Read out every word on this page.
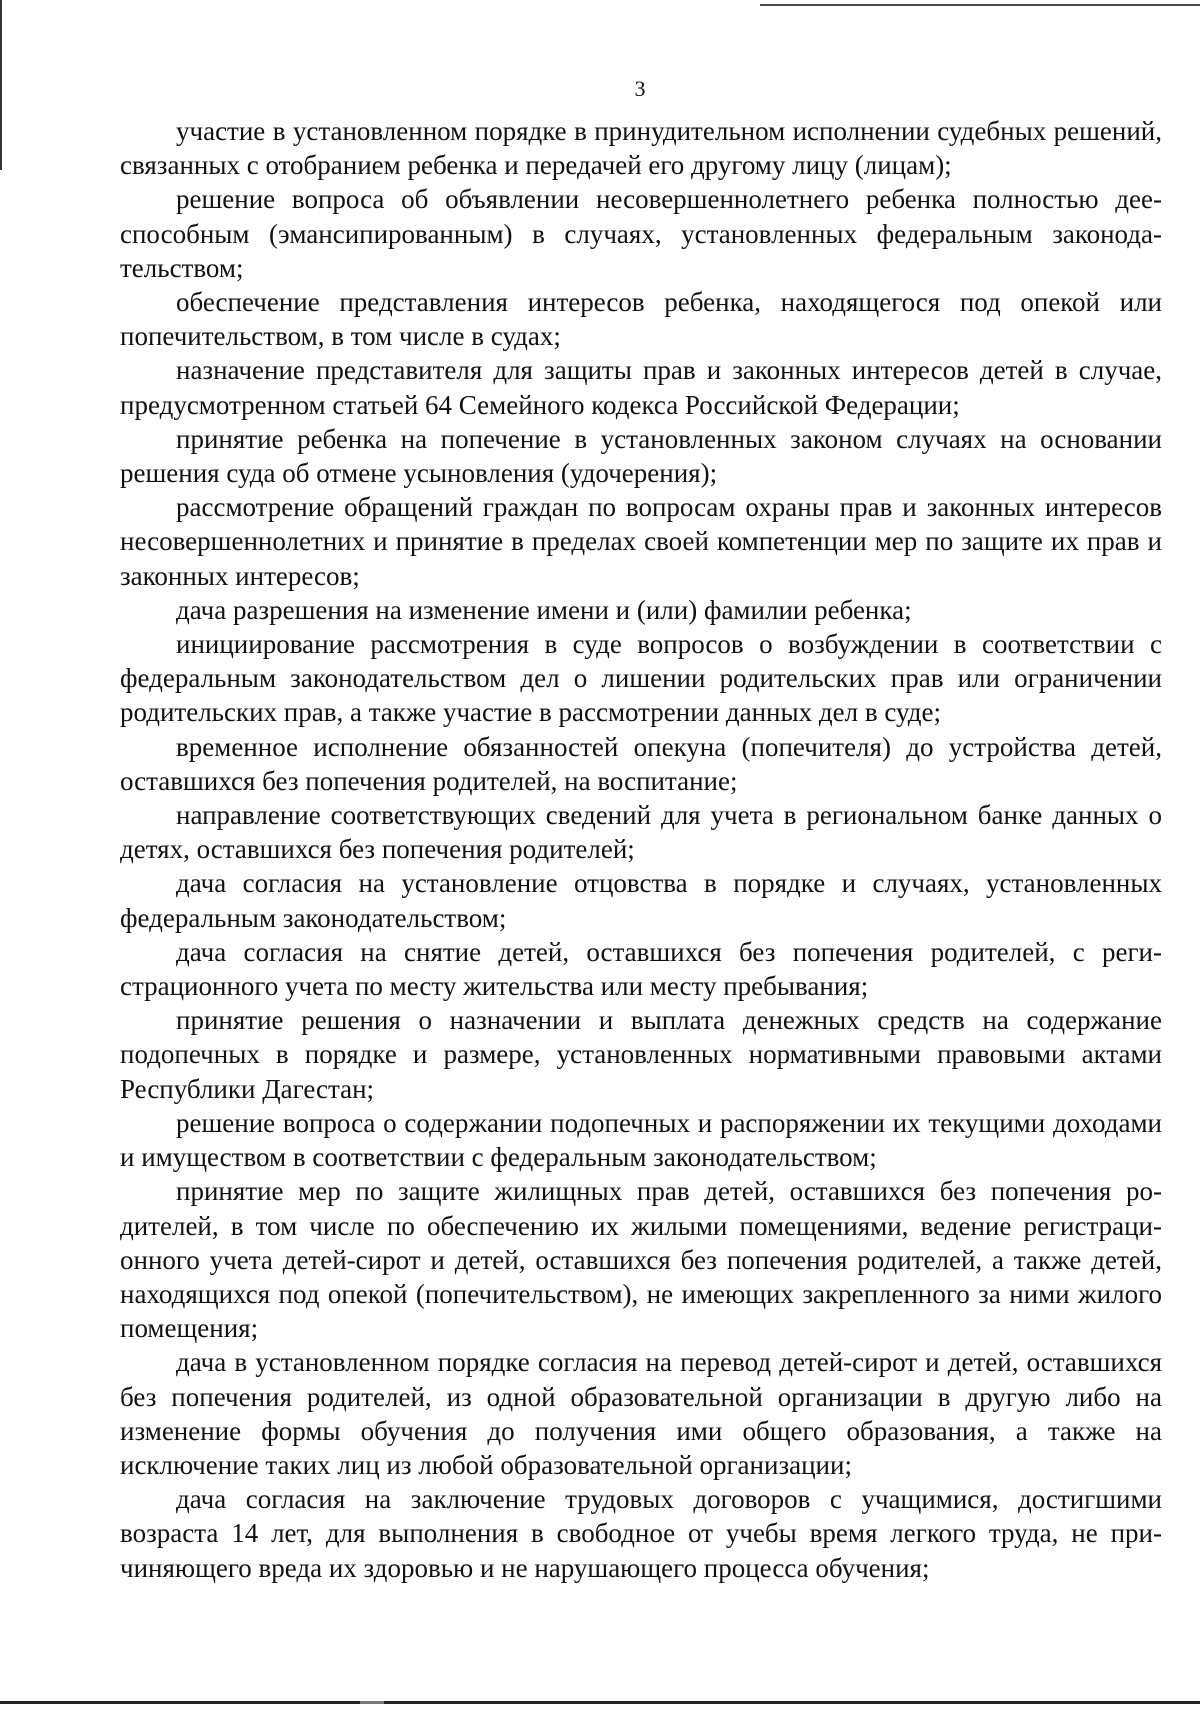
3

участие в установленном порядке в принудительном исполнении судебных решений, связанных с отобранием ребенка и передачей его другому лицу (лицам);

решение вопроса об объявлении несовершеннолетнего ребенка полностью дееспособным (эмансипированным) в случаях, установленных федеральным законодательством;

обеспечение представления интересов ребенка, находящегося под опекой или попечительством, в том числе в судах;

назначение представителя для защиты прав и законных интересов детей в случае, предусмотренном статьей 64 Семейного кодекса Российской Федерации;

принятие ребенка на попечение в установленных законом случаях на основании решения суда об отмене усыновления (удочерения);

рассмотрение обращений граждан по вопросам охраны прав и законных интересов несовершеннолетних и принятие в пределах своей компетенции мер по защите их прав и законных интересов;

дача разрешения на изменение имени и (или) фамилии ребенка;

инициирование рассмотрения в суде вопросов о возбуждении в соответствии с федеральным законодательством дел о лишении родительских прав или ограничении родительских прав, а также участие в рассмотрении данных дел в суде;

временное исполнение обязанностей опекуна (попечителя) до устройства детей, оставшихся без попечения родителей, на воспитание;

направление соответствующих сведений для учета в региональном банке данных о детях, оставшихся без попечения родителей;

дача согласия на установление отцовства в порядке и случаях, установленных федеральным законодательством;

дача согласия на снятие детей, оставшихся без попечения родителей, с регистрационного учета по месту жительства или месту пребывания;

принятие решения о назначении и выплата денежных средств на содержание подопечных в порядке и размере, установленных нормативными правовыми актами Республики Дагестан;

решение вопроса о содержании подопечных и распоряжении их текущими доходами и имуществом в соответствии с федеральным законодательством;

принятие мер по защите жилищных прав детей, оставшихся без попечения родителей, в том числе по обеспечению их жилыми помещениями, ведение регистрационного учета детей-сирот и детей, оставшихся без попечения родителей, а также детей, находящихся под опекой (попечительством), не имеющих закрепленного за ними жилого помещения;

дача в установленном порядке согласия на перевод детей-сирот и детей, оставшихся без попечения родителей, из одной образовательной организации в другую либо на изменение формы обучения до получения ими общего образования, а также на исключение таких лиц из любой образовательной организации;

дача согласия на заключение трудовых договоров с учащимися, достигшими возраста 14 лет, для выполнения в свободное от учебы время легкого труда, не причиняющего вреда их здоровью и не нарушающего процесса обучения;
